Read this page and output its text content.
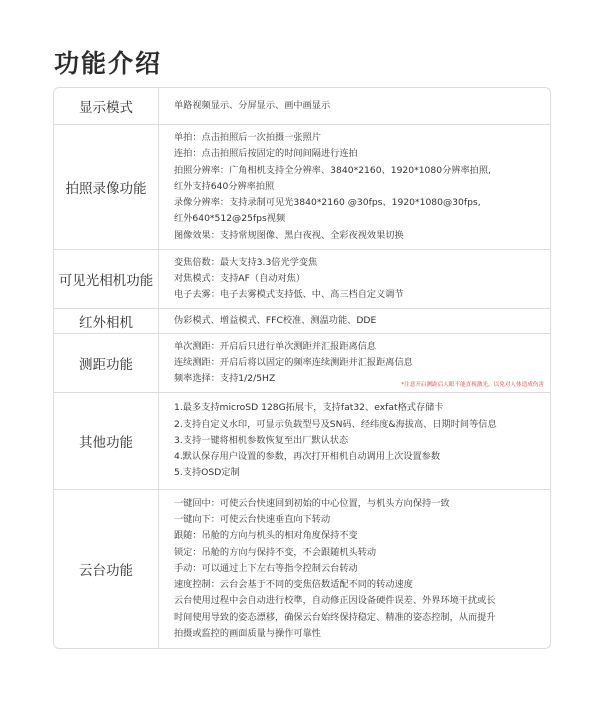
功能介绍
显示模式	单路视频显示、分屏显示、画中画显示
拍照录像功能
单拍：点击拍照后一次拍摄一张照片
连拍：点击拍照后按固定的时间间隔进行连拍
拍照分辨率：广角相机支持全分辨率、3840*2160、1920*1080分辨率拍照,
红外支持640分辨率拍照
录像分辨率：支持录制可见光3840*2160 @30fps、1920*1080@30fps,
红外640*512@25fps视频
图像效果：支持常规图像、黑白夜视、全彩夜视效果切换
可见光相机功能
变焦倍数：最大支持3.3倍光学变焦
对焦模式：支持AF（自动对焦）
电子去雾：电子去雾模式支持低、中、高三档自定义调节
红外相机	伪彩模式、增益模式、FFC校准、测温功能、DDE
测距功能
单次测距：开启后只进行单次测距并汇报距离信息
连续测距：开启后将以固定的频率连续测距并汇报距离信息
频率选择：支持1/2/5HZ
*注意开启测距后人眼不能直视激光，以免对人体造成伤害
其他功能
1.最多支持microSD 128G拓展卡，支持fat32、exfat格式存储卡
2.支持自定义水印，可显示负载型号及SN码、经纬度&海拔高、日期时间等信息
3.支持一键将相机参数恢复至出厂默认状态
4.默认保存用户设置的参数，再次打开相机自动调用上次设置参数
5.支持OSD定制
云台功能
一键回中：可使云台快速回到初始的中心位置，与机头方向保持一致
一键向下：可使云台快速垂直向下转动
跟随：吊舱的方向与机头的相对角度保持不变
锁定：吊舱的方向与保持不变，不会跟随机头转动
手动：可以通过上下左右等指令控制云台转动
速度控制：云台会基于不同的变焦倍数适配不同的转动速度
云台使用过程中会自动进行校準，自动修正因设备硬件误差、外界环境干扰或长
时间使用导致的姿态漂移，确保云台始终保持稳定、精准的姿态控制，从而提升
拍摄或监控的画面质量与操作可靠性
